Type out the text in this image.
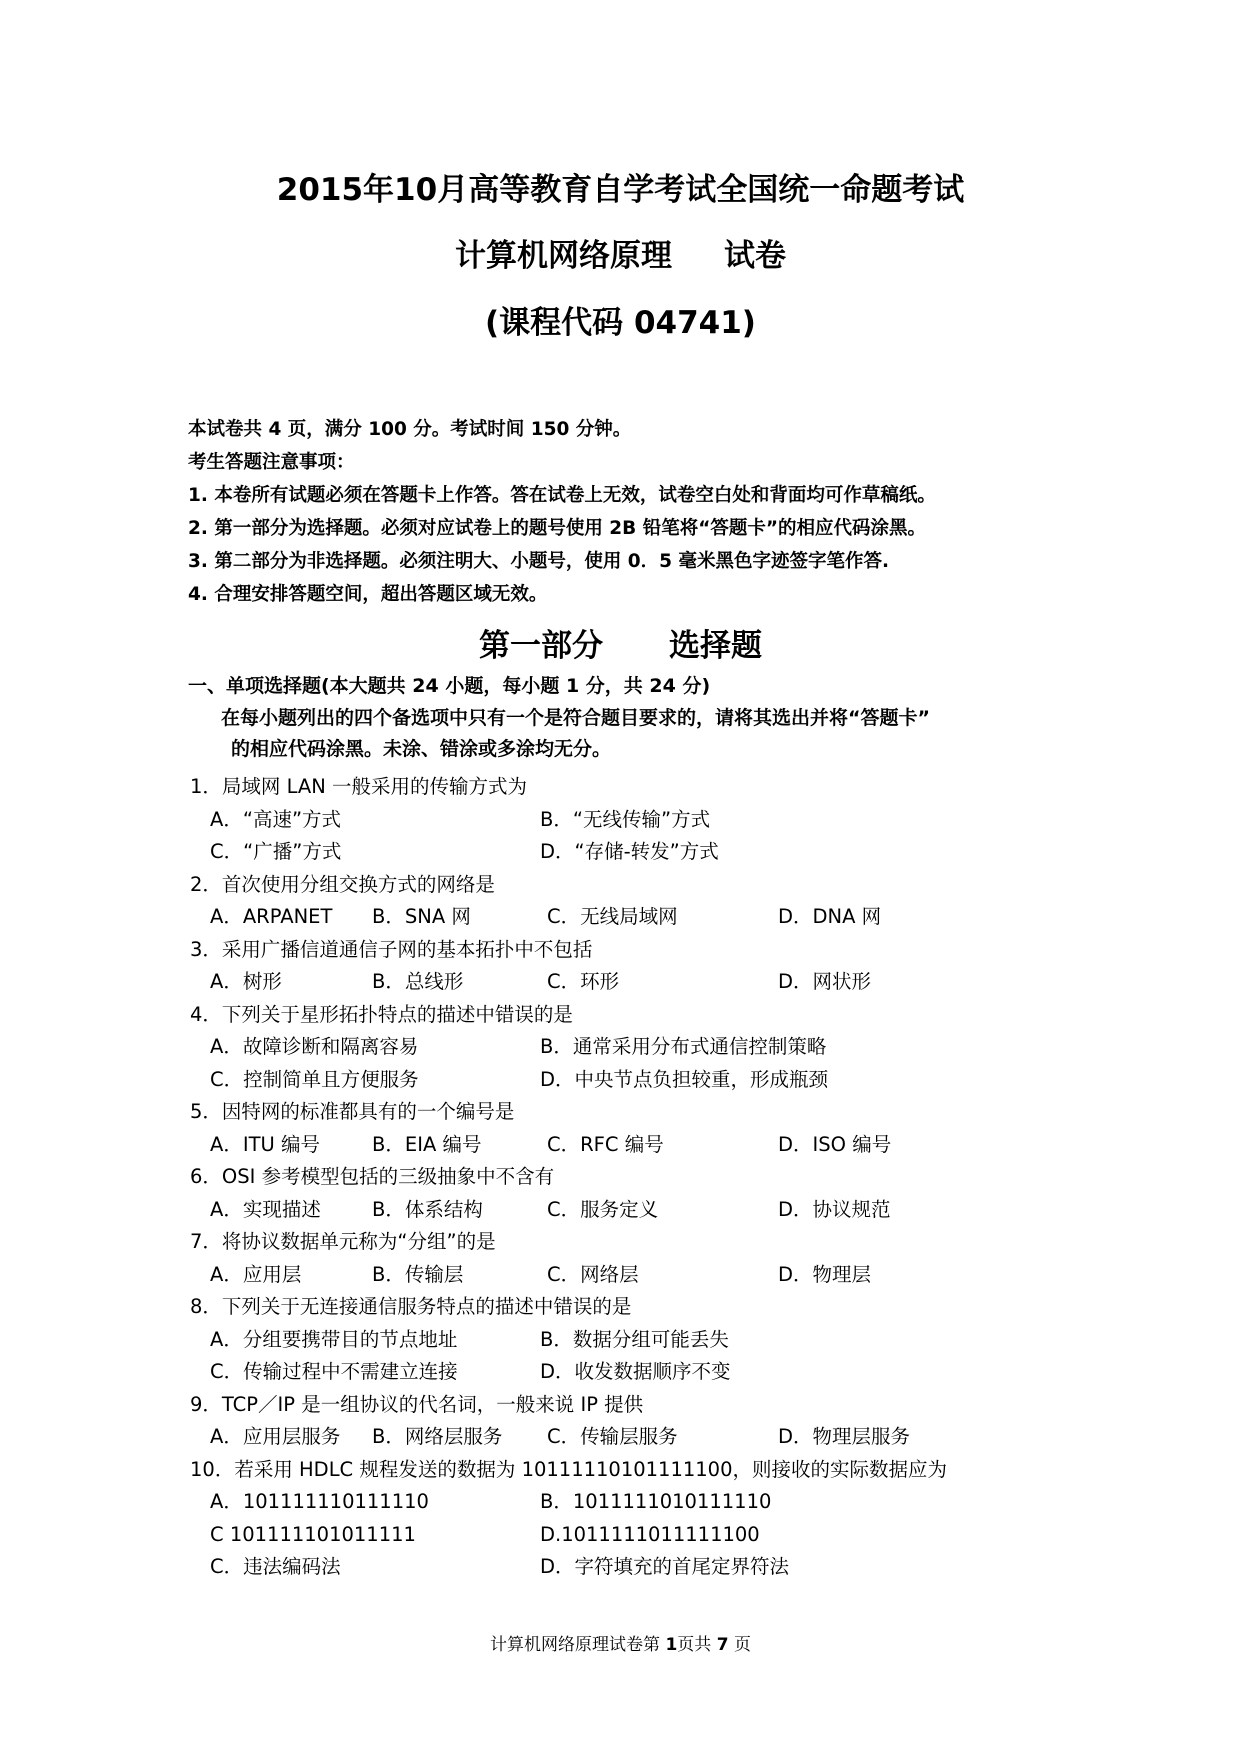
2015年10月高等教育自学考试全国统一命题考试
计算机网络原理 试卷
(课程代码 04741)
本试卷共 4 页，满分 100 分。考试时间 150 分钟。
考生答题注意事项：
1. 本卷所有试题必须在答题卡上作答。答在试卷上无效，试卷空白处和背面均可作草稿纸。
2. 第一部分为选择题。必须对应试卷上的题号使用 2B 铅笔将“答题卡”的相应代码涂黑。
3. 第二部分为非选择题。必须注明大、小题号，使用 0．5 毫米黑色字迹签字笔作答.
4. 合理安排答题空间，超出答题区域无效。
第一部分 选择题
一、单项选择题(本大题共 24 小题，每小题 1 分，共 24 分)
在每小题列出的四个备选项中只有一个是符合题目要求的，请将其选出并将“答题卡”
的相应代码涂黑。未涂、错涂或多涂均无分。
1．局域网 LAN 一般采用的传输方式为
A．“高速”方式	B．“无线传输”方式
C．“广播”方式	D．“存储-转发”方式
2．首次使用分组交换方式的网络是
A．ARPANET B．SNA 网	C．无线局域网	D．DNA 网
3．采用广播信道通信子网的基本拓扑中不包括
A．树形	B．总线形	C．环形	D．网状形
4．下列关于星形拓扑特点的描述中错误的是
A．故障诊断和隔离容易	B．通常采用分布式通信控制策略
C．控制简单且方便服务	D．中央节点负担较重，形成瓶颈
5．因特网的标准都具有的一个编号是
A．ITU 编号	B．EIA 编号	C．RFC 编号	D．ISO 编号
6．OSI 参考模型包括的三级抽象中不含有
A．实现描述	B．体系结构	C．服务定义	D．协议规范
7．将协议数据单元称为“分组”的是
A．应用层	B．传输层	C．网络层	D．物理层
8．下列关于无连接通信服务特点的描述中错误的是
A．分组要携带目的节点地址	B．数据分组可能丢失
C．传输过程中不需建立连接	D．收发数据顺序不变
9．TCP／IP 是一组协议的代名词，一般来说 IP 提供
A．应用层服务 B．网络层服务 C．传输层服务	D．物理层服务
10．若采用 HDLC 规程发送的数据为 10111110101111100，则接收的实际数据应为
A．101111110111110	B．1011111010111110
C 101111101011111	D.1011111011111100
C．违法编码法	D．字符填充的首尾定界符法
计算机网络原理试卷第 1页共 7 页
